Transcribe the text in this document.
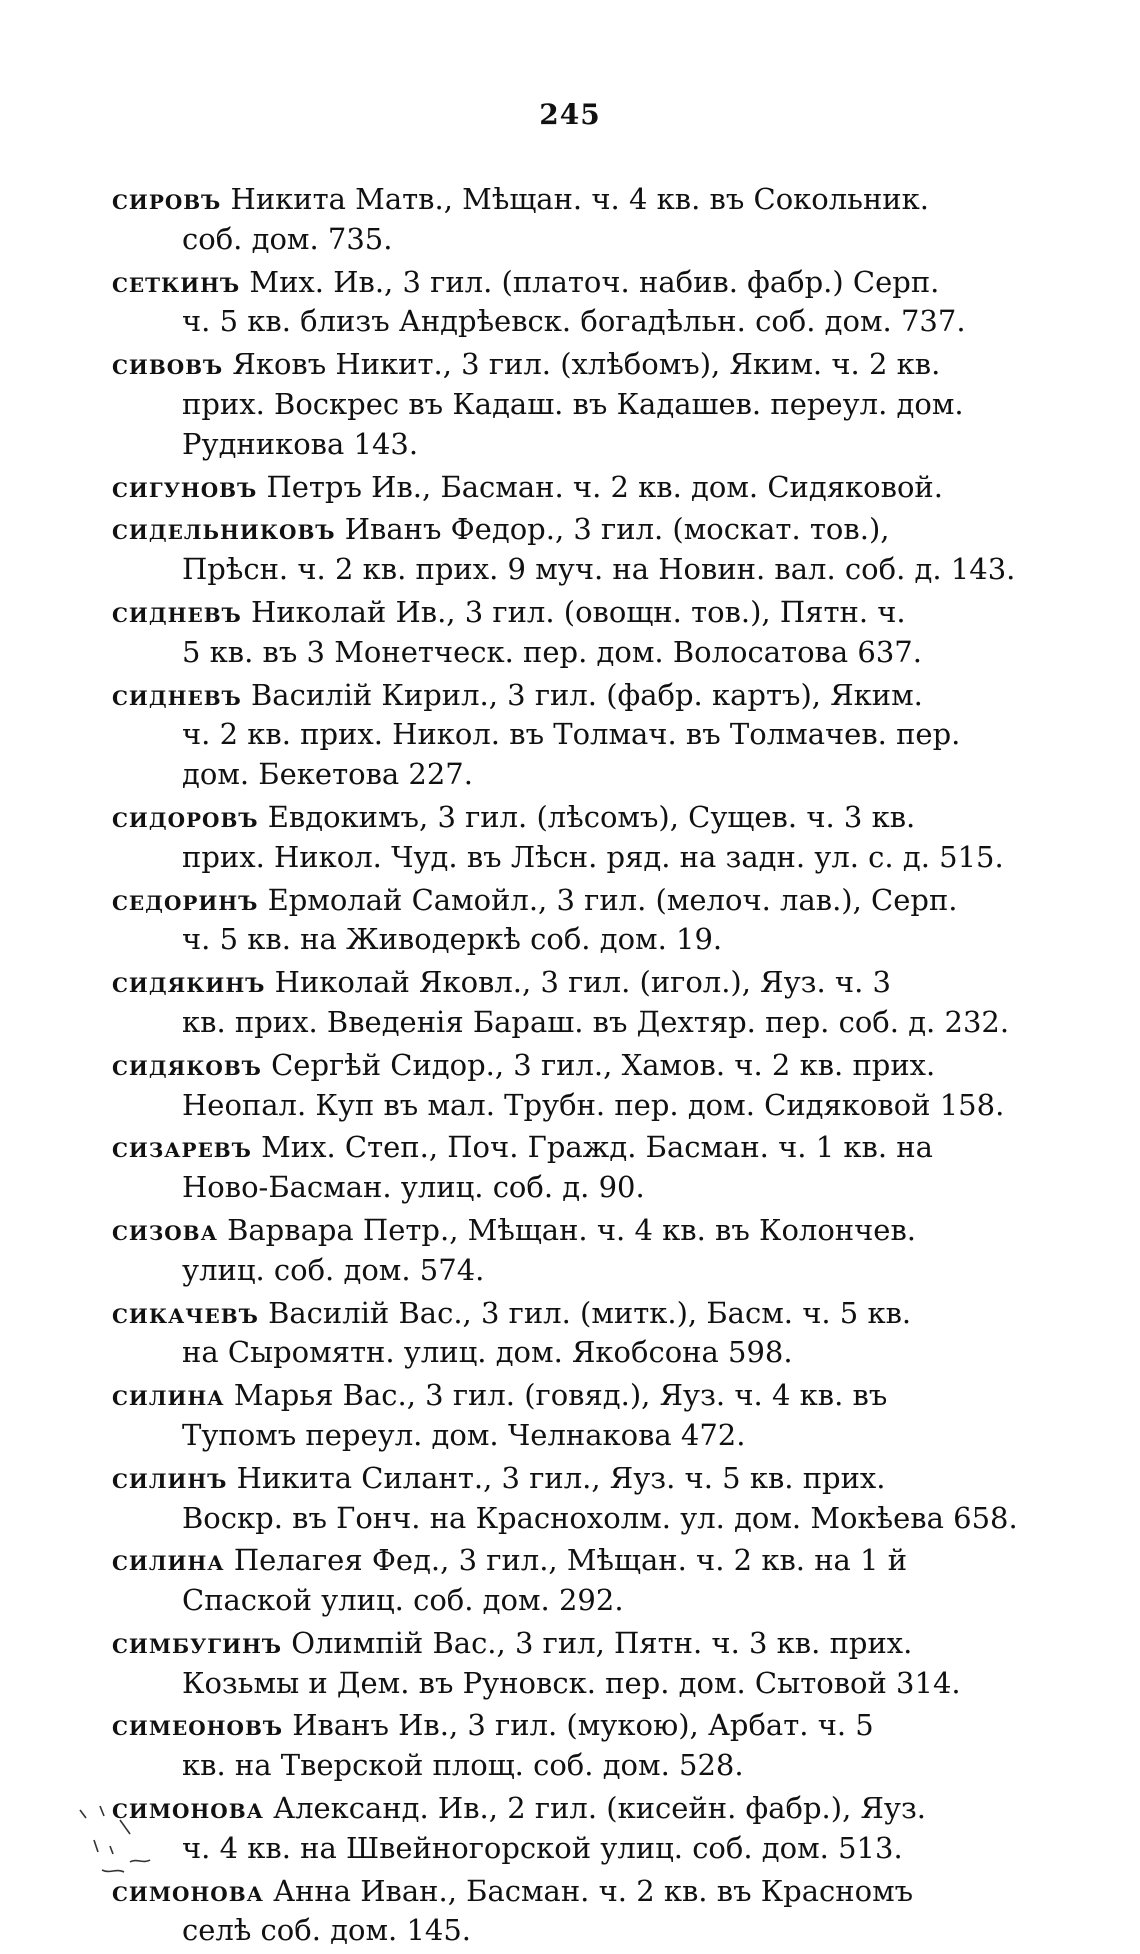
245
сировъ Никита Матв., Мѣщан. ч. 4 кв. въ Сокольник.
соб. дом. 735.
сеткинъ Мих. Ив., 3 гил. (платоч. набив. фабр.) Серп.
ч. 5 кв. близъ Андрѣевск. богадѣльн. соб. дом. 737.
сивовъ Яковъ Никит., 3 гил. (хлѣбомъ), Яким. ч. 2 кв.
прих. Воскрес въ Кадаш. въ Кадашев. переул. дом.
Рудникова 143.
сигуновъ Петръ Ив., Басман. ч. 2 кв. дом. Сидяковой.
сидельниковъ Иванъ Федор., 3 гил. (москат. тов.),
Прѣсн. ч. 2 кв. прих. 9 муч. на Новин. вал. соб. д. 143.
сидневъ Николай Ив., 3 гил. (овощн. тов.), Пятн. ч.
5 кв. въ 3 Монетческ. пер. дом. Волосатова 637.
сидневъ Василій Кирил., 3 гил. (фабр. картъ), Яким.
ч. 2 кв. прих. Никол. въ Толмач. въ Толмачев. пер.
дом. Бекетова 227.
сидоровъ Евдокимъ, 3 гил. (лѣсомъ), Сущев. ч. 3 кв.
прих. Никол. Чуд. въ Лѣсн. ряд. на задн. ул. с. д. 515.
седоринъ Ермолай Самойл., 3 гил. (мелоч. лав.), Серп.
ч. 5 кв. на Живодеркѣ соб. дом. 19.
сидякинъ Николай Яковл., 3 гил. (игол.), Яуз. ч. 3
кв. прих. Введенія Бараш. въ Дехтяр. пер. соб. д. 232.
сидяковъ Сергѣй Сидор., 3 гил., Хамов. ч. 2 кв. прих.
Неопал. Куп въ мал. Трубн. пер. дом. Сидяковой 158.
сизаревъ Мих. Степ., Поч. Гражд. Басман. ч. 1 кв. на
Ново-Басман. улиц. соб. д. 90.
сизова Варвара Петр., Мѣщан. ч. 4 кв. въ Колончев.
улиц. соб. дом. 574.
сикачевъ Василій Вас., 3 гил. (митк.), Басм. ч. 5 кв.
на Сыромятн. улиц. дом. Якобсона 598.
силина Марья Вас., 3 гил. (говяд.), Яуз. ч. 4 кв. въ
Тупомъ переул. дом. Челнакова 472.
силинъ Никита Силант., 3 гил., Яуз. ч. 5 кв. прих.
Воскр. въ Гонч. на Краснохолм. ул. дом. Мокѣева 658.
силина Пелагея Фед., 3 гил., Мѣщан. ч. 2 кв. на 1 й
Спаской улиц. соб. дом. 292.
симбугинъ Олимпій Вас., 3 гил, Пятн. ч. 3 кв. прих.
Козьмы и Дем. въ Руновск. пер. дом. Сытовой 314.
симеоновъ Иванъ Ив., 3 гил. (мукою), Арбат. ч. 5
кв. на Тверской площ. соб. дом. 528.
симонова Александ. Ив., 2 гил. (кисейн. фабр.), Яуз.
ч. 4 кв. на Швейногорской улиц. соб. дом. 513.
симонова Анна Иван., Басман. ч. 2 кв. въ Красномъ
селѣ соб. дом. 145.
